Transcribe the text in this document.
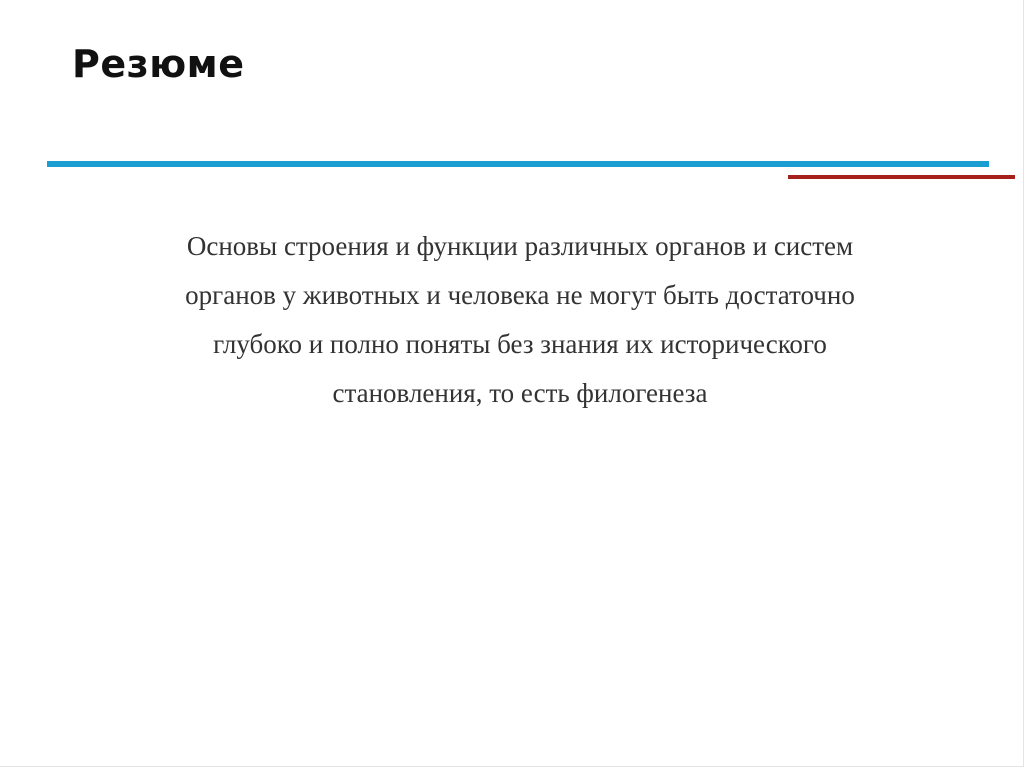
Резюме

Основы строения и функции различных органов и систем
органов у животных и человека не могут быть достаточно
глубоко и полно поняты без знания их исторического
становления, то есть филогенеза
